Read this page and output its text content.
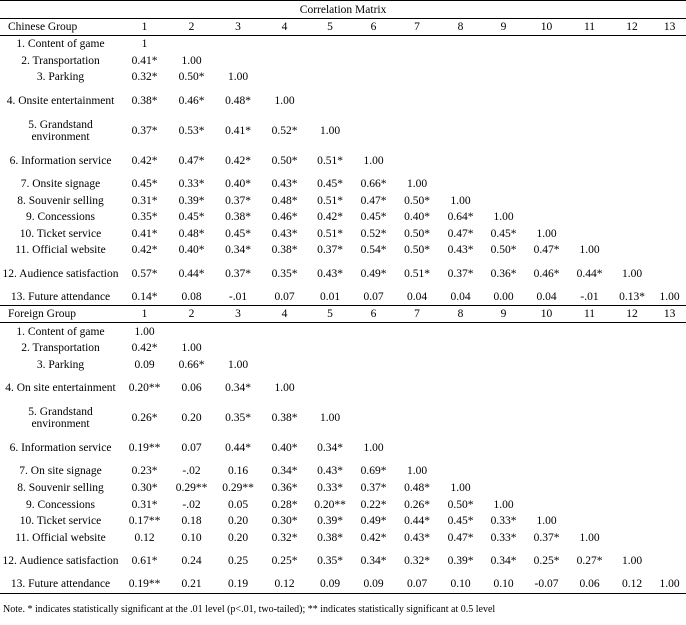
Correlation Matrix													
Chinese Group	1	2	3	4	5	6	7	8	9	10	11	12	13
1. Content of game	1												
2. Transportation	0.41*	1.00											
3. Parking	0.32*	0.50*	1.00										
4. Onsite entertainment	0.38*	0.46*	0.48*	1.00									
5. Grandstand environment	0.37*	0.53*	0.41*	0.52*	1.00								
6. Information service	0.42*	0.47*	0.42*	0.50*	0.51*	1.00							
7. Onsite signage	0.45*	0.33*	0.40*	0.43*	0.45*	0.66*	1.00						
8. Souvenir selling	0.31*	0.39*	0.37*	0.48*	0.51*	0.47*	0.50*	1.00					
9. Concessions	0.35*	0.45*	0.38*	0.46*	0.42*	0.45*	0.40*	0.64*	1.00				
10. Ticket service	0.41*	0.48*	0.45*	0.43*	0.51*	0.52*	0.50*	0.47*	0.45*	1.00			
11. Official website	0.42*	0.40*	0.34*	0.38*	0.37*	0.54*	0.50*	0.43*	0.50*	0.47*	1.00		
12. Audience satisfaction	0.57*	0.44*	0.37*	0.35*	0.43*	0.49*	0.51*	0.37*	0.36*	0.46*	0.44*	1.00	
13. Future attendance	0.14*	0.08	-.01	0.07	0.01	0.07	0.04	0.04	0.00	0.04	-.01	0.13*	1.00
Foreign Group	1	2	3	4	5	6	7	8	9	10	11	12	13
1. Content of game	1.00												
2. Transportation	0.42*	1.00											
3. Parking	0.09	0.66*	1.00										
4. On site entertainment	0.20**	0.06	0.34*	1.00									
5. Grandstand environment	0.26*	0.20	0.35*	0.38*	1.00								
6. Information service	0.19**	0.07	0.44*	0.40*	0.34*	1.00							
7. On site signage	0.23*	-.02	0.16	0.34*	0.43*	0.69*	1.00						
8. Souvenir selling	0.30*	0.29**	0.29**	0.36*	0.33*	0.37*	0.48*	1.00					
9. Concessions	0.31*	-.02	0.05	0.28*	0.20**	0.22*	0.26*	0.50*	1.00				
10. Ticket service	0.17**	0.18	0.20	0.30*	0.39*	0.49*	0.44*	0.45*	0.33*	1.00			
11. Official website	0.12	0.10	0.20	0.32*	0.38*	0.42*	0.43*	0.47*	0.33*	0.37*	1.00		
12. Audience satisfaction	0.61*	0.24	0.25	0.25*	0.35*	0.34*	0.32*	0.39*	0.34*	0.25*	0.27*	1.00	
13. Future attendance	0.19**	0.21	0.19	0.12	0.09	0.09	0.07	0.10	0.10	-0.07	0.06	0.12	1.00
Note. * indicates statistically significant at the .01 level (p<.01, two-tailed); ** indicates statistically significant at 0.5 level
